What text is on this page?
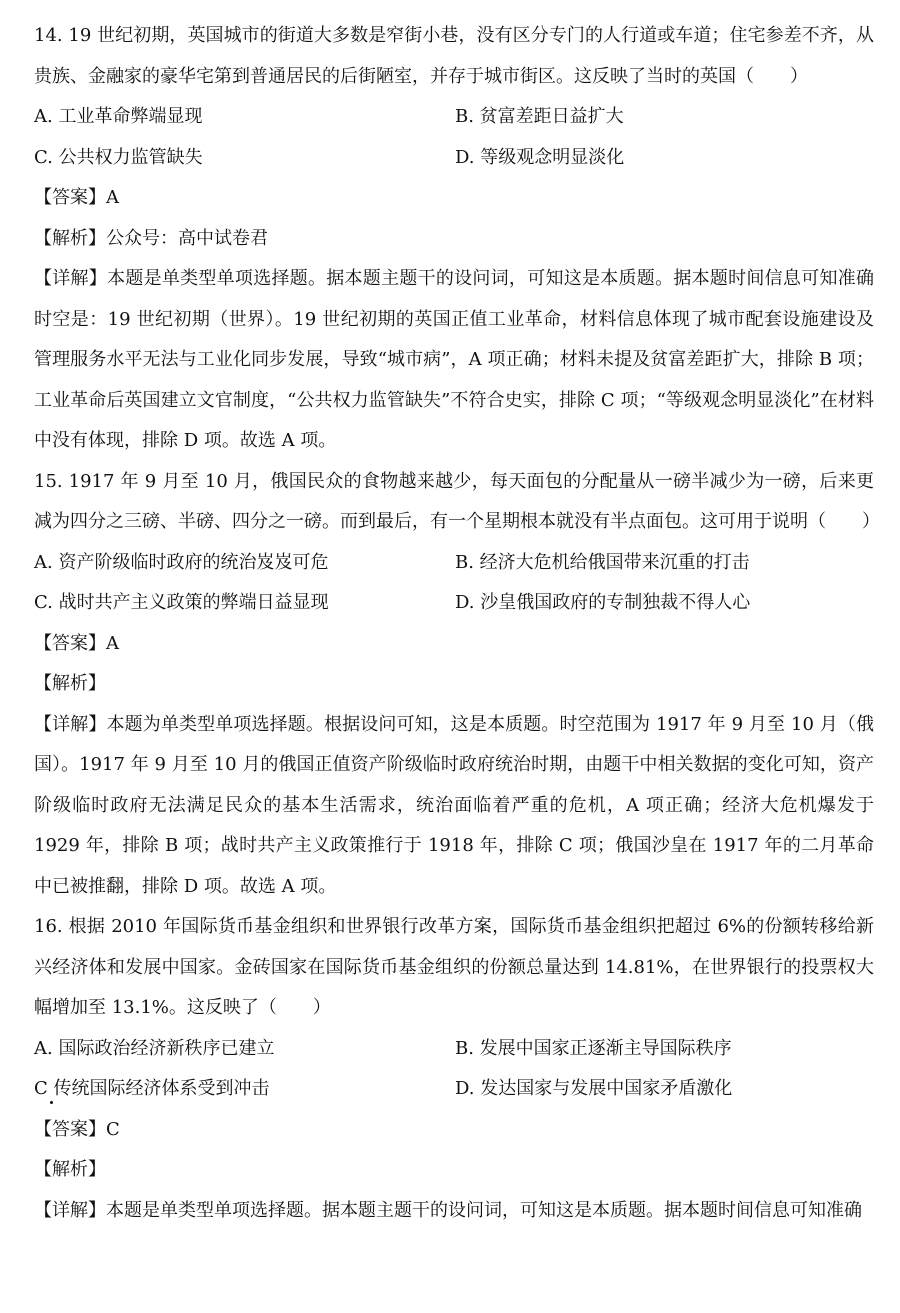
14. 19 世纪初期，英国城市的街道大多数是窄街小巷，没有区分专门的人行道或车道；住宅参差不齐，从贵族、金融家的豪华宅第到普通居民的后街陋室，并存于城市街区。这反映了当时的英国（　　）

A. 工业革命弊端显现	B. 贫富差距日益扩大
C. 公共权力监管缺失	D. 等级观念明显淡化

【答案】A

【解析】公众号：高中试卷君

【详解】本题是单类型单项选择题。据本题主题干的设问词，可知这是本质题。据本题时间信息可知准确时空是：19 世纪初期（世界）。19 世纪初期的英国正值工业革命，材料信息体现了城市配套设施建设及管理服务水平无法与工业化同步发展，导致“城市病”，A 项正确；材料未提及贫富差距扩大，排除 B 项；工业革命后英国建立文官制度，“公共权力监管缺失”不符合史实，排除 C 项；“等级观念明显淡化”在材料中没有体现，排除 D 项。故选 A 项。

15. 1917 年 9 月至 10 月，俄国民众的食物越来越少，每天面包的分配量从一磅半减少为一磅，后来更减为四分之三磅、半磅、四分之一磅。而到最后，有一个星期根本就没有半点面包。这可用于说明（　　）

A. 资产阶级临时政府的统治岌岌可危	B. 经济大危机给俄国带来沉重的打击
C. 战时共产主义政策的弊端日益显现	D. 沙皇俄国政府的专制独裁不得人心

【答案】A

【解析】

【详解】本题为单类型单项选择题。根据设问可知，这是本质题。时空范围为 1917 年 9 月至 10 月（俄国）。1917 年 9 月至 10 月的俄国正值资产阶级临时政府统治时期，由题干中相关数据的变化可知，资产阶级临时政府无法满足民众的基本生活需求，统治面临着严重的危机，A 项正确；经济大危机爆发于 1929 年，排除 B 项；战时共产主义政策推行于 1918 年，排除 C 项；俄国沙皇在 1917 年的二月革命中已被推翻，排除 D 项。故选 A 项。

16. 根据 2010 年国际货币基金组织和世界银行改革方案，国际货币基金组织把超过 6%的份额转移给新兴经济体和发展中国家。金砖国家在国际货币基金组织的份额总量达到 14.81%，在世界银行的投票权大幅增加至 13.1%。这反映了（　　）

A. 国际政治经济新秩序已建立	B. 发展中国家正逐渐主导国际秩序
C 传统国际经济体系受到冲击	D. 发达国家与发展中国家矛盾激化

【答案】C

【解析】

【详解】本题是单类型单项选择题。据本题主题干的设问词，可知这是本质题。据本题时间信息可知准确
